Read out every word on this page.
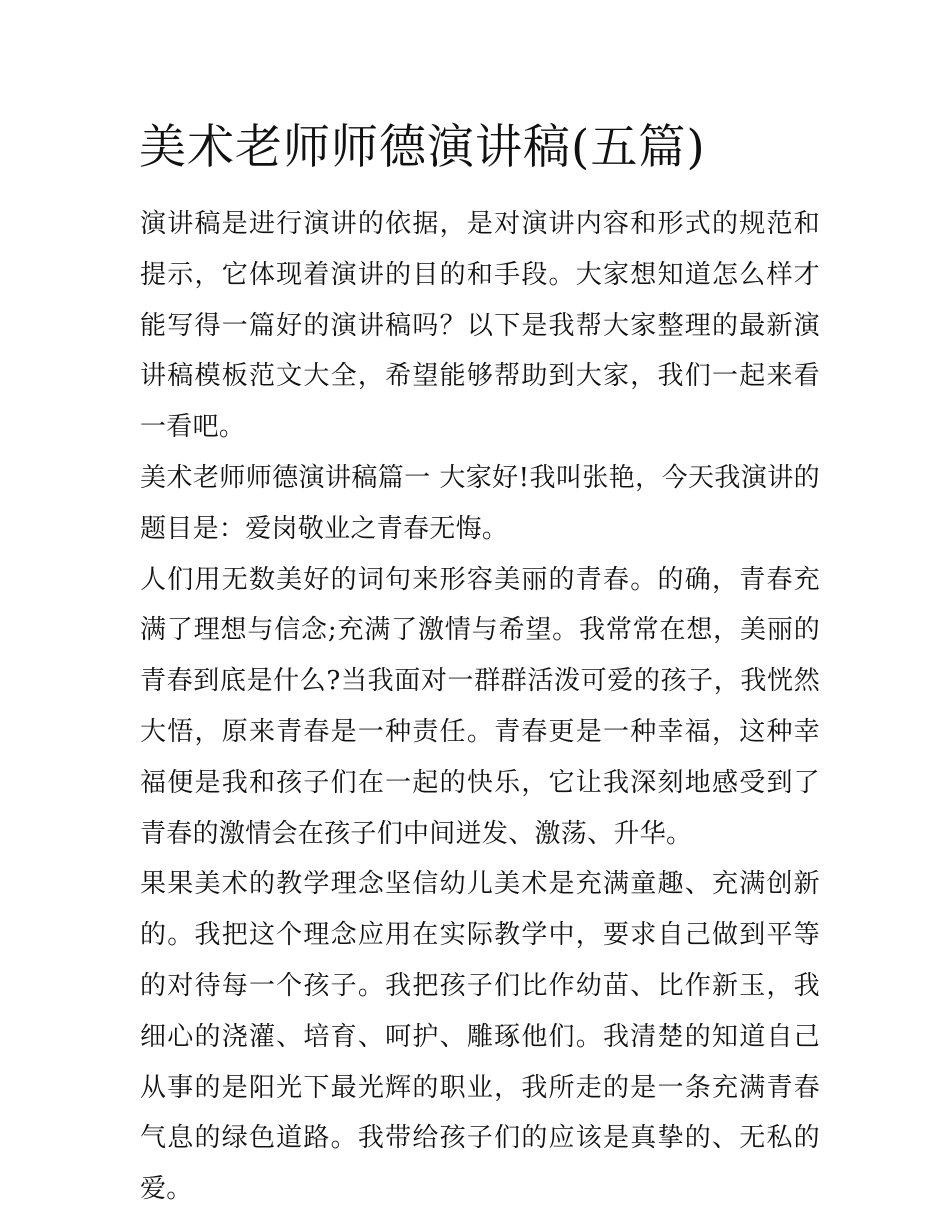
美术老师师德演讲稿(五篇)

演讲稿是进行演讲的依据，是对演讲内容和形式的规范和提示，它体现着演讲的目的和手段。大家想知道怎么样才能写得一篇好的演讲稿吗？以下是我帮大家整理的最新演讲稿模板范文大全，希望能够帮助到大家，我们一起来看一看吧。

美术老师师德演讲稿篇一 大家好!我叫张艳，今天我演讲的题目是：爱岗敬业之青春无悔。

人们用无数美好的词句来形容美丽的青春。的确，青春充满了理想与信念;充满了激情与希望。我常常在想，美丽的青春到底是什么?当我面对一群群活泼可爱的孩子，我恍然大悟，原来青春是一种责任。青春更是一种幸福，这种幸福便是我和孩子们在一起的快乐，它让我深刻地感受到了青春的激情会在孩子们中间迸发、激荡、升华。

果果美术的教学理念坚信幼儿美术是充满童趣、充满创新的。我把这个理念应用在实际教学中，要求自己做到平等的对待每一个孩子。我把孩子们比作幼苗、比作新玉，我细心的浇灌、培育、呵护、雕琢他们。我清楚的知道自己从事的是阳光下最光辉的职业，我所走的是一条充满青春气息的绿色道路。我带给孩子们的应该是真挚的、无私的爱。
